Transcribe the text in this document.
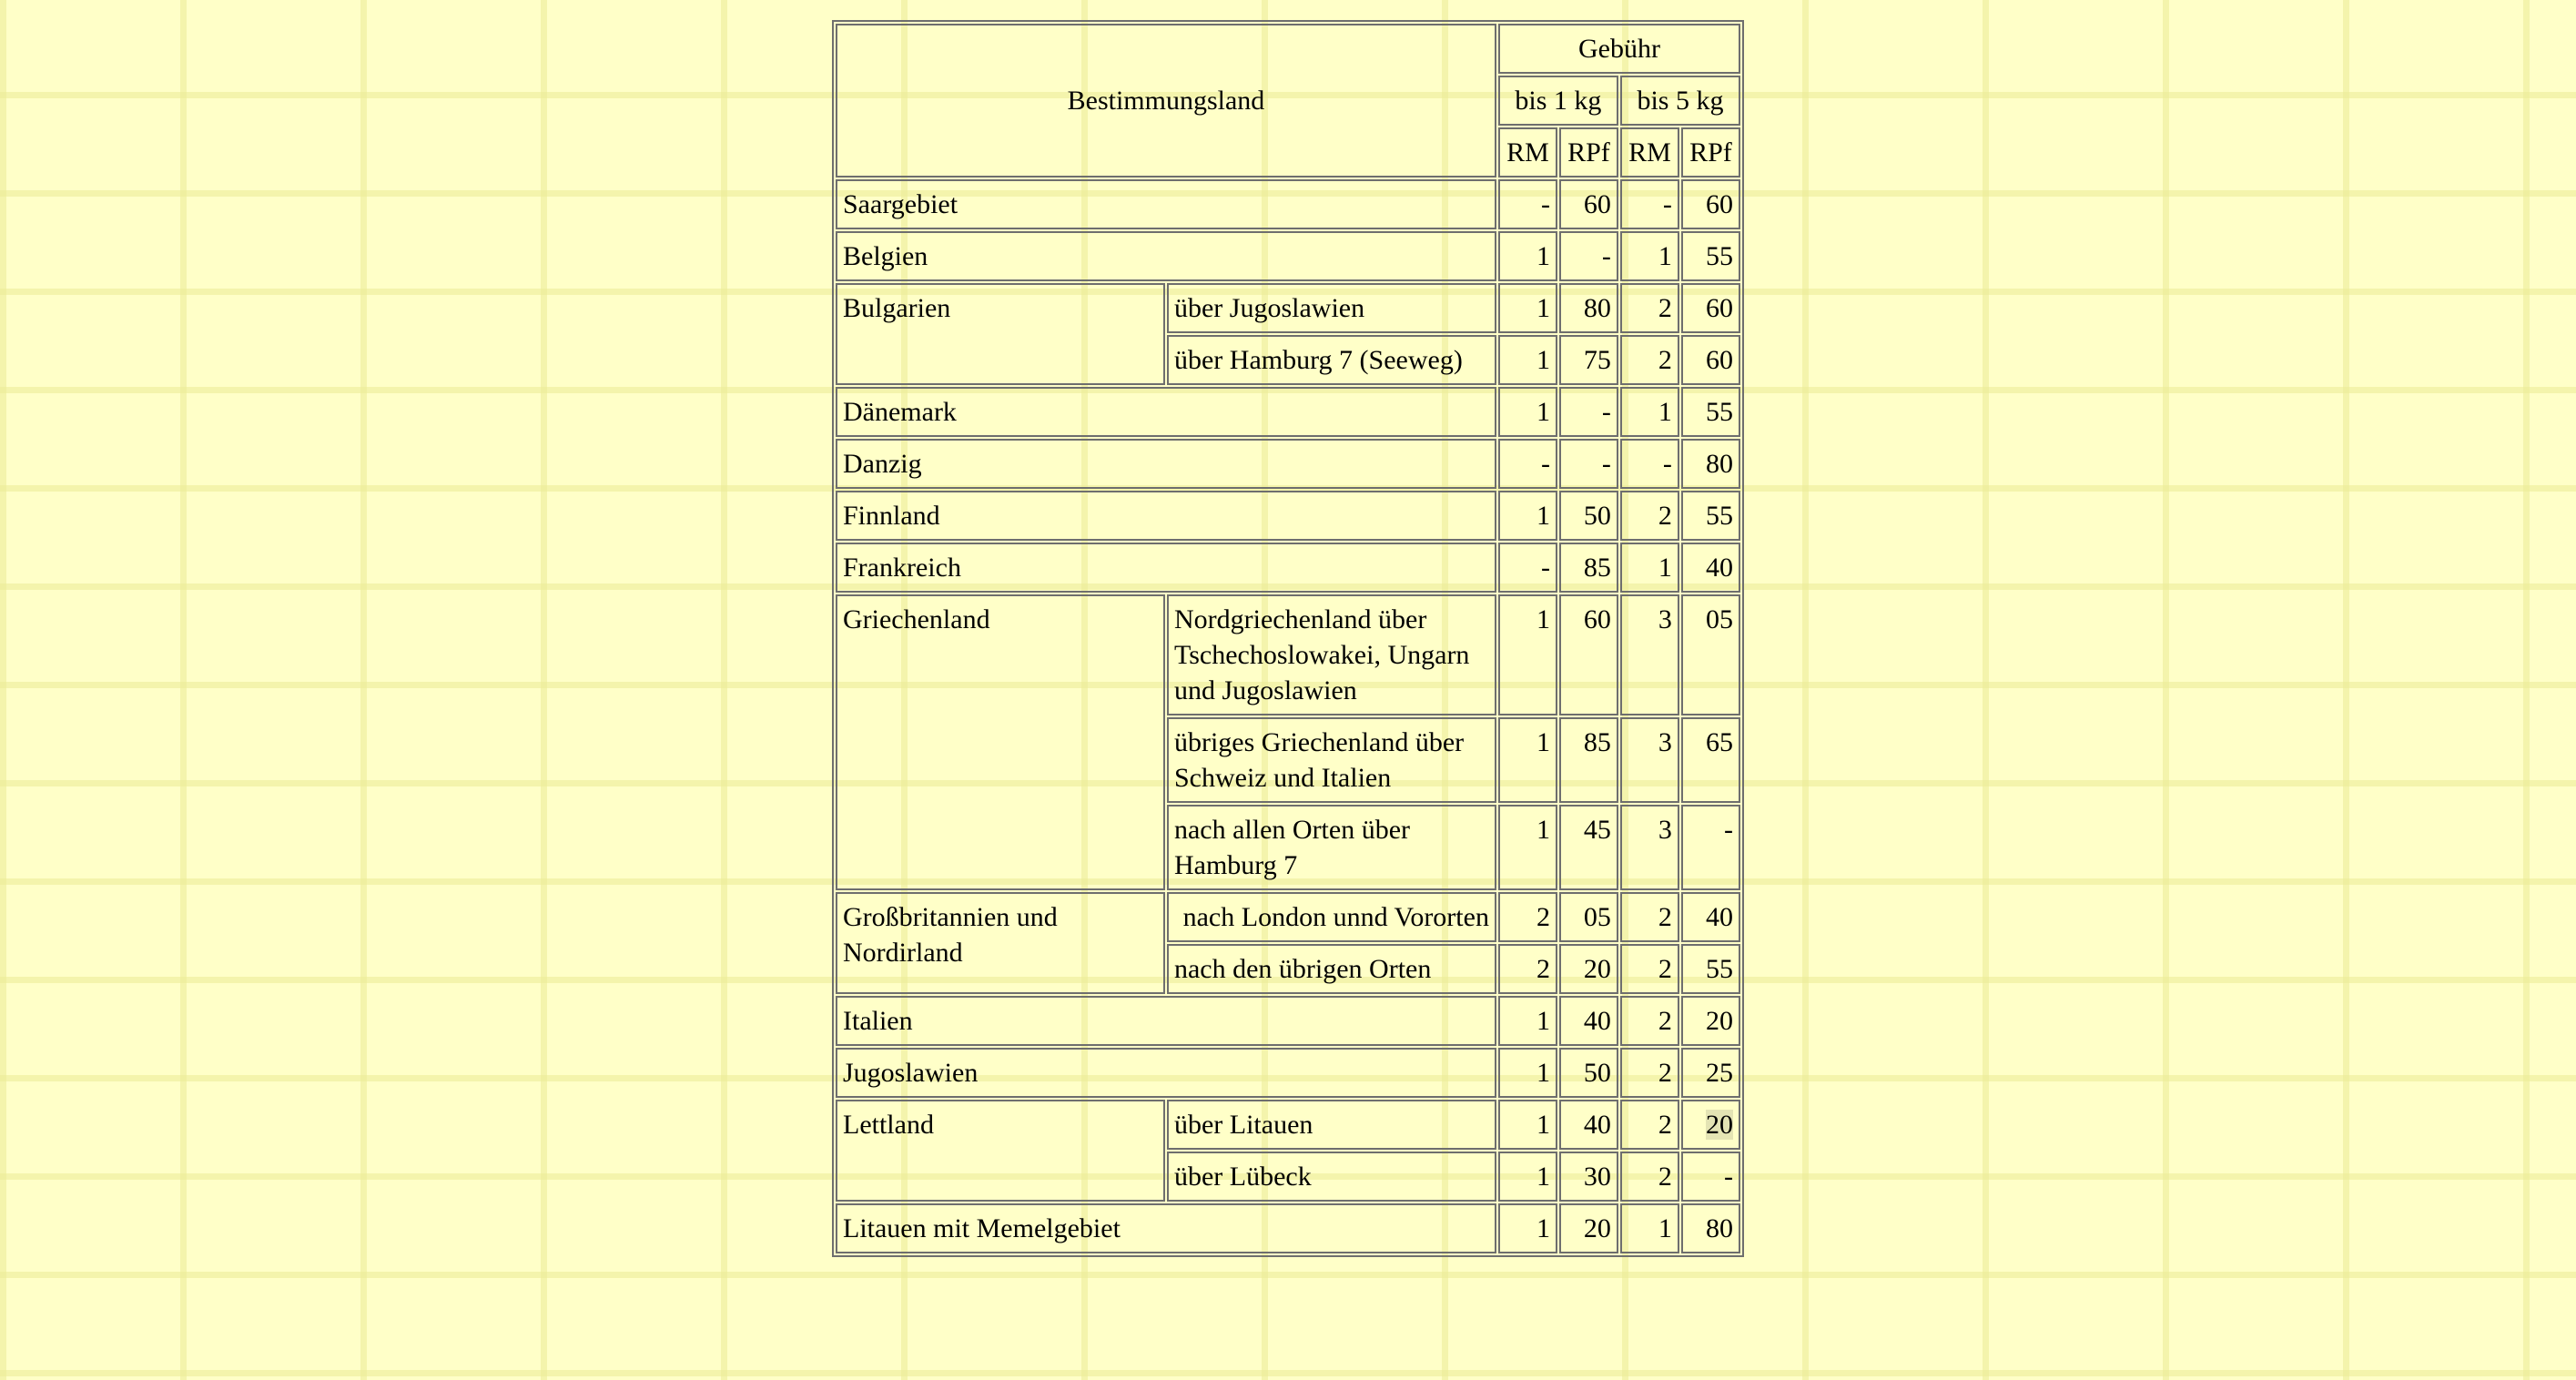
Bestimmungsland		Gebühr			
		bis 1 kg		bis 5 kg	
		RM	RPf	RM	RPf
Saargebiet		-	60	-	60
Belgien		1	-	1	55
Bulgarien	über Jugoslawien	1	80	2	60
	über Hamburg 7 (Seeweg)	1	75	2	60
Dänemark		1	-	1	55
Danzig		-	-	-	80
Finnland		1	50	2	55
Frankreich		-	85	1	40
Griechenland	Nordgriechenland über Tschechoslowakei, Ungarn und Jugoslawien	1	60	3	05
	übriges Griechenland über Schweiz und Italien	1	85	3	65
	nach allen Orten über Hamburg 7	1	45	3	-
Großbritannien und Nordirland	nach London unnd Vororten	2	05	2	40
	nach den übrigen Orten	2	20	2	55
Italien		1	40	2	20
Jugoslawien		1	50	2	25
Lettland	über Litauen	1	40	2	20
	über Lübeck	1	30	2	-
Litauen mit Memelgebiet		1	20	1	80
